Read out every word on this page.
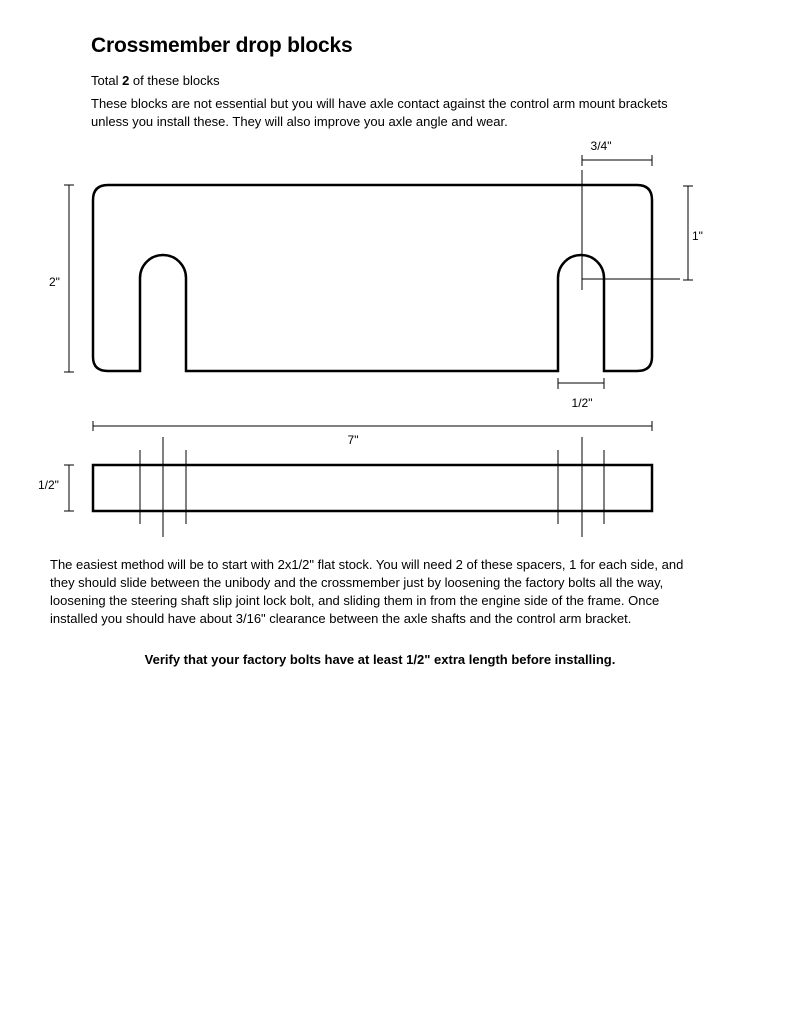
Crossmember drop blocks
Total 2 of these blocks
These blocks are not essential but you will have axle contact against the control arm mount brackets unless you install these. They will also improve you axle angle and wear.
3/4"
1"
2"
1/2"
7"
1/2"
The easiest method will be to start with 2x1/2" flat stock. You will need 2 of these spacers, 1 for each side, and they should slide between the unibody and the crossmember just by loosening the factory bolts all the way, loosening the steering shaft slip joint lock bolt, and sliding them in from the engine side of the frame. Once installed you should have about 3/16" clearance between the axle shafts and the control arm bracket.
Verify that your factory bolts have at least 1/2" extra length before installing.
